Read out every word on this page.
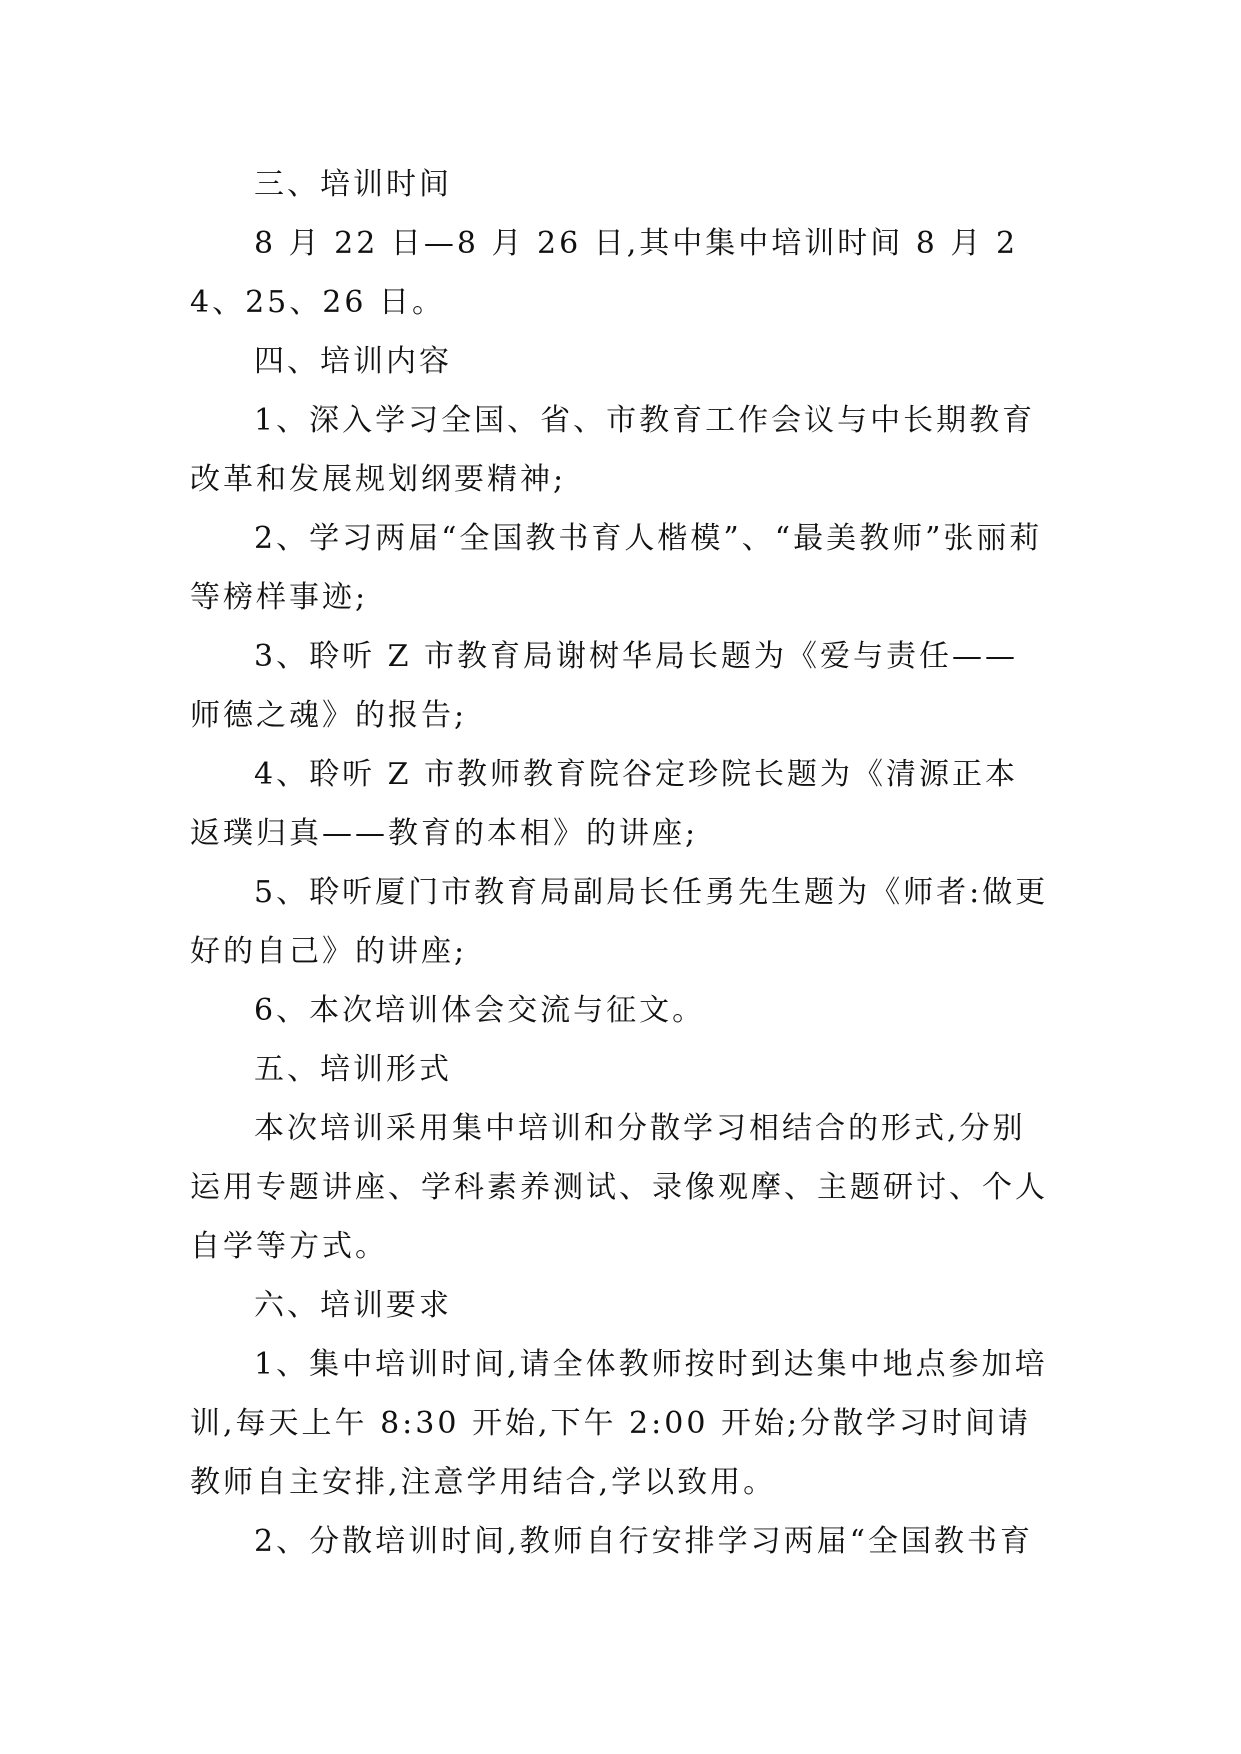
三、培训时间

8 月 22 日—8 月 26 日,其中集中培训时间 8 月 24、25、26 日。

四、培训内容

1、深入学习全国、省、市教育工作会议与中长期教育改革和发展规划纲要精神;

2、学习两届“全国教书育人楷模”、“最美教师”张丽莉等榜样事迹;

3、聆听 Z 市教育局谢树华局长题为《爱与责任——师德之魂》的报告;

4、聆听 Z 市教师教育院谷定珍院长题为《清源正本返璞归真——教育的本相》的讲座;

5、聆听厦门市教育局副局长任勇先生题为《师者:做更好的自己》的讲座;

6、本次培训体会交流与征文。

五、培训形式

本次培训采用集中培训和分散学习相结合的形式,分别运用专题讲座、学科素养测试、录像观摩、主题研讨、个人自学等方式。

六、培训要求

1、集中培训时间,请全体教师按时到达集中地点参加培训,每天上午 8:30 开始,下午 2:00 开始;分散学习时间请教师自主安排,注意学用结合,学以致用。

2、分散培训时间,教师自行安排学习两届“全国教书育
